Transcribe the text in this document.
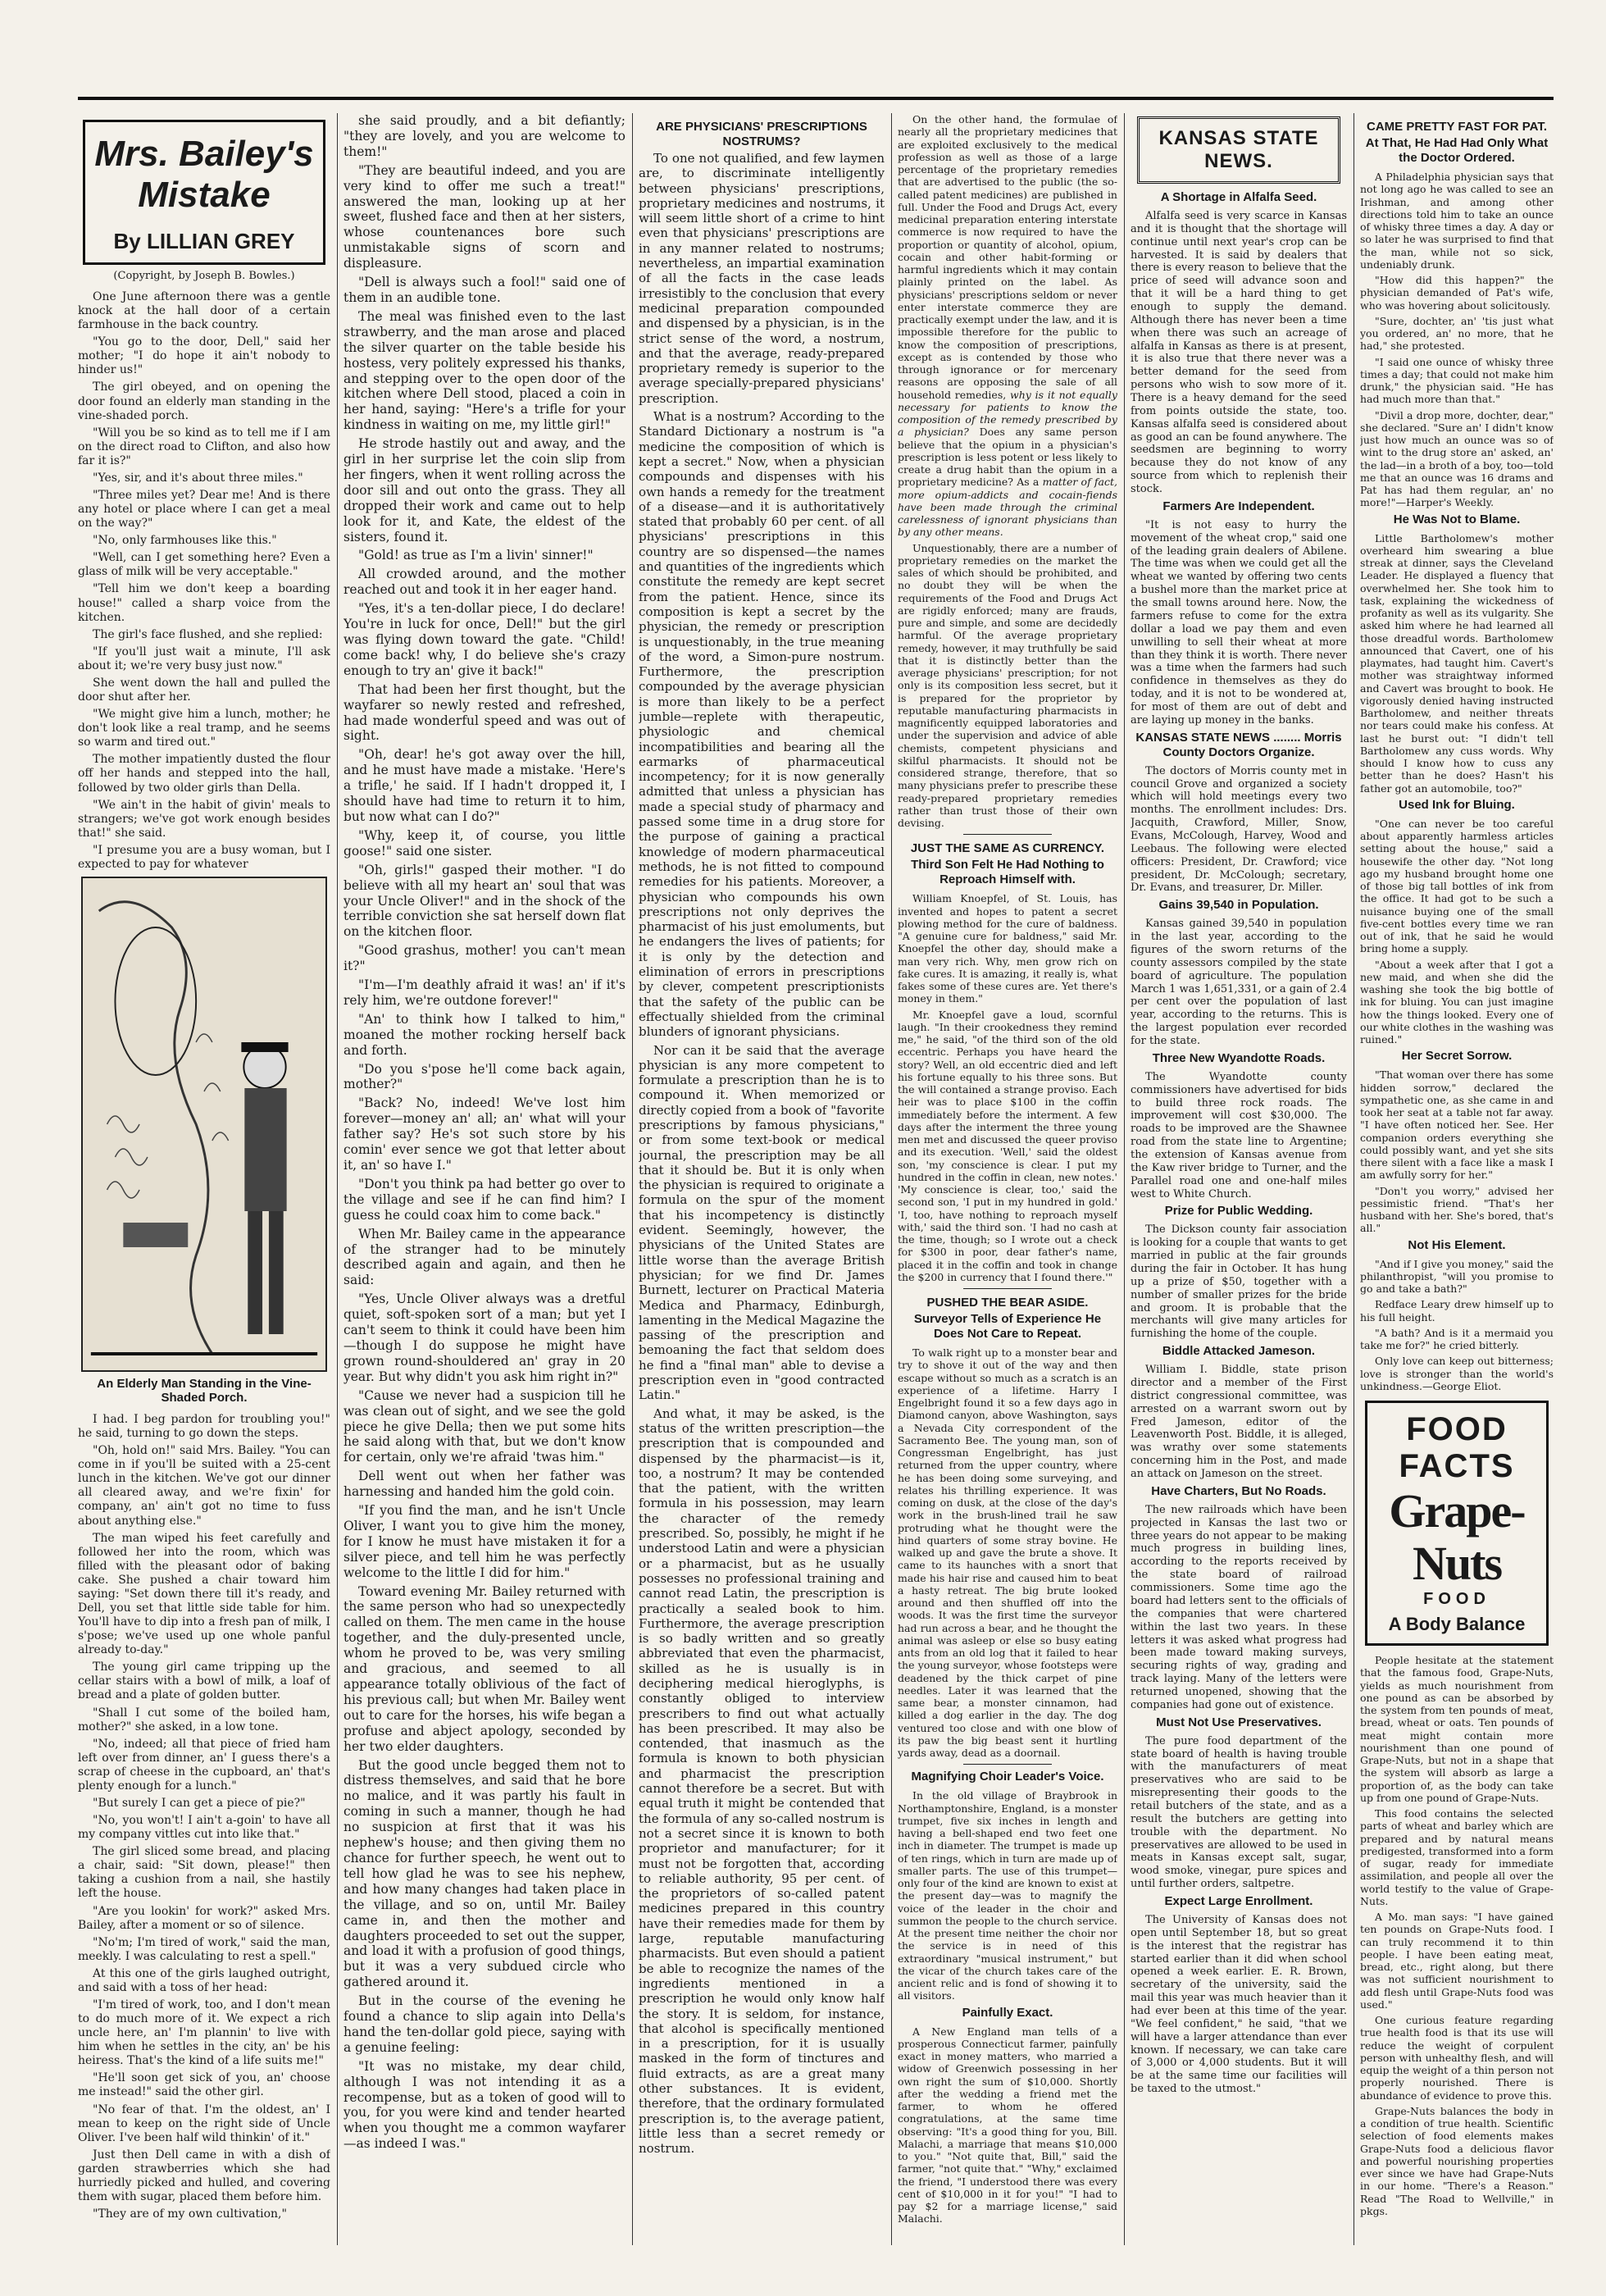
Mrs. Bailey's Mistake
By LILLIAN GREY
(Copyright, by Joseph B. Bowles.)

One June afternoon there was a gentle knock at the hall door of a certain farmhouse in the back country.

"You go to the door, Dell," said her mother; "I do hope it ain't nobody to hinder us!"

The girl obeyed, and on opening the door found an elderly man standing in the vine-shaded porch.

"Will you be so kind as to tell me if I am on the direct road to Clifton, and also how far it is?"

"Yes, sir, and it's about three miles."

"Three miles yet? Dear me! And is there any hotel or place where I can get a meal on the way?"

"No, only farmhouses like this."

"Well, can I get something here? Even a glass of milk will be very acceptable."

"Tell him we don't keep a boarding house!" called a sharp voice from the kitchen.

The girl's face flushed, and she replied:

"If you'll just wait a minute, I'll ask about it; we're very busy just now."

She went down the hall and pulled the door shut after her.

"We might give him a lunch, mother; he don't look like a real tramp, and he seems so warm and tired out."

The mother impatiently dusted the flour off her hands and stepped into the hall, followed by two older girls than Della.

"We ain't in the habit of givin' meals to strangers; we've got work enough besides that!" she said.

"I presume you are a busy woman, but I expected to pay for whatever

An Elderly Man Standing in the Vine-Shaded Porch.

I had. I beg pardon for troubling you!" he said, turning to go down the steps.

"Oh, hold on!" said Mrs. Bailey. "You can come in if you'll be suited with a 25-cent lunch in the kitchen. We've got our dinner all cleared away, and we're fixin' for company, an' ain't got no time to fuss about anything else."

The man wiped his feet carefully and followed her into the room, which was filled with the pleasant odor of baking cake. She pushed a chair toward him saying: "Set down there till it's ready, and Dell, you set that little side table for him. You'll have to dip into a fresh pan of milk, I s'pose; we've used up one whole panful already to-day."

The young girl came tripping up the cellar stairs with a bowl of milk, a loaf of bread and a plate of golden butter.

"Shall I cut some of the boiled ham, mother?" she asked, in a low tone.

"No, indeed; all that piece of fried ham left over from dinner, an' I guess there's a scrap of cheese in the cupboard, an' that's plenty enough for a lunch."

"But surely I can get a piece of pie?"

"No, you won't! I ain't a-goin' to have all my company vittles cut into like that."

The girl sliced some bread, and placing a chair, said: "Sit down, please!" then taking a cushion from a nail, she hastily left the house.

"Are you lookin' for work?" asked Mrs. Bailey, after a moment or so of silence.

"No'm; I'm tired of work," said the man, meekly. I was calculating to rest a spell."

At this one of the girls laughed outright, and said with a toss of her head:

"I'm tired of work, too, and I don't mean to do much more of it. We expect a rich uncle here, an' I'm plannin' to live with him when he settles in the city, an' be his heiress. That's the kind of a life suits me!"

"He'll soon get sick of you, an' choose me instead!" said the other girl.

"No fear of that. I'm the oldest, an' I mean to keep on the right side of Uncle Oliver. I've been half wild thinkin' of it."

Just then Dell came in with a dish of garden strawberries which she had hurriedly picked and hulled, and covering them with sugar, placed them before him.

"They are of my own cultivation,"

she said proudly, and a bit defiantly; "they are lovely, and you are welcome to them!"

"They are beautiful indeed, and you are very kind to offer me such a treat!" answered the man, looking up at her sweet, flushed face and then at her sisters, whose countenances bore such unmistakable signs of scorn and displeasure.

"Dell is always such a fool!" said one of them in an audible tone.

The meal was finished even to the last strawberry, and the man arose and placed the silver quarter on the table beside his hostess, very politely expressed his thanks, and stepping over to the open door of the kitchen where Dell stood, placed a coin in her hand, saying: "Here's a trifle for your kindness in waiting on me, my little girl!"

He strode hastily out and away, and the girl in her surprise let the coin slip from her fingers, when it went rolling across the door sill and out onto the grass. They all dropped their work and came out to help look for it, and Kate, the eldest of the sisters, found it.

"Gold! as true as I'm a livin' sinner!"

All crowded around, and the mother reached out and took it in her eager hand.

"Yes, it's a ten-dollar piece, I do declare! You're in luck for once, Dell!" but the girl was flying down toward the gate. "Child! come back! why, I do believe she's crazy enough to try an' give it back!"

That had been her first thought, but the wayfarer so newly rested and refreshed, had made wonderful speed and was out of sight.

"Oh, dear! he's got away over the hill, and he must have made a mistake. 'Here's a trifle,' he said. If I hadn't dropped it, I should have had time to return it to him, but now what can I do?"

"Why, keep it, of course, you little goose!" said one sister.

"Oh, girls!" gasped their mother. "I do believe with all my heart an' soul that was your Uncle Oliver!" and in the shock of the terrible conviction she sat herself down flat on the kitchen floor.

"Good grashus, mother! you can't mean it?"

"I'm—I'm deathly afraid it was! an' if it's rely him, we're outdone forever!"

"An' to think how I talked to him," moaned the mother rocking herself back and forth.

"Do you s'pose he'll come back again, mother?"

"Back? No, indeed! We've lost him forever—money an' all; an' what will your father say? He's sot such store by his comin' ever sence we got that letter about it, an' so have I."

"Don't you think pa had better go over to the village and see if he can find him? I guess he could coax him to come back."

When Mr. Bailey came in the appearance of the stranger had to be minutely described again and again, and then he said:

"Yes, Uncle Oliver always was a dretful quiet, soft-spoken sort of a man; but yet I can't seem to think it could have been him—though I do suppose he might have grown round-shouldered an' gray in 20 year. But why didn't you ask him right in?"

"Cause we never had a suspicion till he was clean out of sight, and we see the gold piece he give Della; then we put some hits he said along with that, but we don't know for certain, only we're afraid 'twas him."

Dell went out when her father was harnessing and handed him the gold coin.

"If you find the man, and he isn't Uncle Oliver, I want you to give him the money, for I know he must have mistaken it for a silver piece, and tell him he was perfectly welcome to the little I did for him."

Toward evening Mr. Bailey returned with the same person who had so unexpectedly called on them. The men came in the house together, and the duly-presented uncle, whom he proved to be, was very smiling and gracious, and seemed to all appearance totally oblivious of the fact of his previous call; but when Mr. Bailey went out to care for the horses, his wife began a profuse and abject apology, seconded by her two elder daughters.

But the good uncle begged them not to distress themselves, and said that he bore no malice, and it was partly his fault in coming in such a manner, though he had no suspicion at first that it was his nephew's house; and then giving them no chance for further speech, he went out to tell how glad he was to see his nephew, and how many changes had taken place in the village, and so on, until Mr. Bailey came in, and then the mother and daughters proceeded to set out the supper, and load it with a profusion of good things, but it was a very subdued circle who gathered around it.

But in the course of the evening he found a chance to slip again into Della's hand the ten-dollar gold piece, saying with a genuine feeling:

"It was no mistake, my dear child, although I was not intending it as a recompense, but as a token of good will to you, for you were kind and tender hearted when you thought me a common wayfarer—as indeed I was."

ARE PHYSICIANS' PRESCRIPTIONS NOSTRUMS?

To one not qualified, and few laymen are, to discriminate intelligently between physicians' prescriptions, proprietary medicines and nostrums, it will seem little short of a crime to hint even that physicians' prescriptions are in any manner related to nostrums; nevertheless, an impartial examination of all the facts in the case leads irresistibly to the conclusion that every medicinal preparation compounded and dispensed by a physician, is in the strict sense of the word, a nostrum, and that the average, ready-prepared proprietary remedy is superior to the average specially-prepared physicians' prescription.

What is a nostrum? According to the Standard Dictionary a nostrum is "a medicine the composition of which is kept a secret." Now, when a physician compounds and dispenses with his own hands a remedy for the treatment of a disease—and it is authoritatively stated that probably 60 per cent. of all physicians' prescriptions in this country are so dispensed—the names and quantities of the ingredients which constitute the remedy are kept secret from the patient. Hence, since its composition is kept a secret by the physician, the remedy or prescription is unquestionably, in the true meaning of the word, a Simon-pure nostrum. Furthermore, the prescription compounded by the average physician is more than likely to be a perfect jumble—replete with therapeutic, physiologic and chemical incompatibilities and bearing all the earmarks of pharmaceutical incompetency; for it is now generally admitted that unless a physician has made a special study of pharmacy and passed some time in a drug store for the purpose of gaining a practical knowledge of modern pharmaceutical methods, he is not fitted to compound remedies for his patients. Moreover, a physician who compounds his own prescriptions not only deprives the pharmacist of his just emoluments, but he endangers the lives of patients; for it is only by the detection and elimination of errors in prescriptions by clever, competent prescriptionists that the safety of the public can be effectually shielded from the criminal blunders of ignorant physicians.

Nor can it be said that the average physician is any more competent to formulate a prescription than he is to compound it. When memorized or directly copied from a book of "favorite prescriptions by famous physicians," or from some text-book or medical journal, the prescription may be all that it should be. But it is only when the physician is required to originate a formula on the spur of the moment that his incompetency is distinctly evident. Seemingly, however, the physicians of the United States are little worse than the average British physician; for we find Dr. James Burnett, lecturer on Practical Materia Medica and Pharmacy, Edinburgh, lamenting in the Medical Magazine the passing of the prescription and bemoaning the fact that seldom does he find a "final man" able to devise a prescription even in "good contracted Latin."

And what, it may be asked, is the status of the written prescription—the prescription that is compounded and dispensed by the pharmacist—is it, too, a nostrum? It may be contended that the patient, with the written formula in his possession, may learn the character of the remedy prescribed. So, possibly, he might if he understood Latin and were a physician or a pharmacist, but as he usually possesses no professional training and cannot read Latin, the prescription is practically a sealed book to him. Furthermore, the average prescription is so badly written and so greatly abbreviated that even the pharmacist, skilled as he is usually is in deciphering medical hieroglyphs, is constantly obliged to interview prescribers to find out what actually has been prescribed. It may also be contended, that inasmuch as the formula is known to both physician and pharmacist the prescription cannot therefore be a secret. But with equal truth it might be contended that the formula of any so-called nostrum is not a secret since it is known to both proprietor and manufacturer; for it must not be forgotten that, according to reliable authority, 95 per cent. of the proprietors of so-called patent medicines prepared in this country have their remedies made for them by large, reputable manufacturing pharmacists. But even should a patient be able to recognize the names of the ingredients mentioned in a prescription he would only know half the story. It is seldom, for instance, that alcohol is specifically mentioned in a prescription, for it is usually masked in the form of tinctures and fluid extracts, as are a great many other substances. It is evident, therefore, that the ordinary formulated prescription is, to the average patient, little less than a secret remedy or nostrum.

On the other hand, the formulae of nearly all the proprietary medicines that are exploited exclusively to the medical profession as well as those of a large percentage of the proprietary remedies that are advertised to the public (the so-called patent medicines) are published in full. Under the Food and Drugs Act, every medicinal preparation entering interstate commerce is now required to have the proportion or quantity of alcohol, opium, cocain and other habit-forming or harmful ingredients which it may contain plainly printed on the label. As physicians' prescriptions seldom or never enter interstate commerce they are practically exempt under the law, and it is impossible therefore for the public to know the composition of prescriptions, except as is contended by those who through ignorance or for mercenary reasons are opposing the sale of all household remedies, why is it not equally necessary for patients to know the composition of the remedy prescribed by a physician? Does any same person believe that the opium in a physician's prescription is less potent or less likely to create a drug habit than the opium in a proprietary medicine? As a matter of fact, more opium-addicts and cocain-fiends have been made through the criminal carelessness of ignorant physicians than by any other means.

Unquestionably, there are a number of proprietary remedies on the market the sales of which should be prohibited, and no doubt they will be when the requirements of the Food and Drugs Act are rigidly enforced; many are frauds, pure and simple, and some are decidedly harmful. Of the average proprietary remedy, however, it may truthfully be said that it is distinctly better than the average physicians' prescription; for not only is its composition less secret, but it is prepared for the proprietor by reputable manufacturing pharmacists in magnificently equipped laboratories and under the supervision and advice of able chemists, competent physicians and skilful pharmacists. It should not be considered strange, therefore, that so many physicians prefer to prescribe these ready-prepared proprietary remedies rather than trust those of their own devising.

JUST THE SAME AS CURRENCY.
Third Son Felt He Had Nothing to Reproach Himself with.

William Knoepfel, of St. Louis, has invented and hopes to patent a secret plowing method for the cure of baldness. "A genuine cure for baldness," said Mr. Knoepfel the other day, should make a man very rich. Why, men grow rich on fake cures. It is amazing, it really is, what fakes some of these cures are. Yet there's money in them."

Mr. Knoepfel gave a loud, scornful laugh. "In their crookedness they remind me," he said, "of the third son of the old eccentric. Perhaps you have heard the story? Well, an old eccentric died and left his fortune equally to his three sons. But the will contained a strange proviso. Each heir was to place $100 in the coffin immediately before the interment. A few days after the interment the three young men met and discussed the queer proviso and its execution. 'Well,' said the oldest son, 'my conscience is clear. I put my hundred in the coffin in clean, new notes.' 'My conscience is clear, too,' said the second son, 'I put in my hundred in gold.' 'I, too, have nothing to reproach myself with,' said the third son. 'I had no cash at the time, though; so I wrote out a check for $300 in poor, dear father's name, placed it in the coffin and took in change the $200 in currency that I found there.'"

PUSHED THE BEAR ASIDE.
Surveyor Tells of Experience He Does Not Care to Repeat.

To walk right up to a monster bear and try to shove it out of the way and then escape without so much as a scratch is an experience of a lifetime. Harry I Engelbright found it so a few days ago in Diamond canyon, above Washington, says a Nevada City correspondent of the Sacramento Bee. The young man, son of Congressman Engelbright, has just returned from the upper country, where he has been doing some surveying, and relates his thrilling experience. It was coming on dusk, at the close of the day's work in the brush-lined trail he saw protruding what he thought were the hind quarters of some stray bovine. He walked up and gave the brute a shove. It came to its haunches with a snort that made his hair rise and caused him to beat a hasty retreat. The big brute looked around and then shuffled off into the woods. It was the first time the surveyor had run across a bear, and he thought the animal was asleep or else so busy eating ants from an old log that it failed to hear the young surveyor, whose footsteps were deadened by the thick carpet of pine needles. Later it was learned that the same bear, a monster cinnamon, had killed a dog earlier in the day. The dog ventured too close and with one blow of its paw the big beast sent it hurtling yards away, dead as a doornail.

Magnifying Choir Leader's Voice.

In the old village of Braybrook in Northamptonshire, England, is a monster trumpet, five six inches in length and having a bell-shaped end two feet one inch in diameter. The trumpet is made up of ten rings, which in turn are made up of smaller parts. The use of this trumpet—only four of the kind are known to exist at the present day—was to magnify the voice of the leader in the choir and summon the people to the church service. At the present time neither the choir nor the service is in need of this extraordinary "musical instrument," but the vicar of the church takes care of the ancient relic and is fond of showing it to all visitors.

Painfully Exact.

A New England man tells of a prosperous Connecticut farmer, painfully exact in money matters, who married a widow of Greenwich possessing in her own right the sum of $10,000. Shortly after the wedding a friend met the farmer, to whom he offered congratulations, at the same time observing: "It's a good thing for you, Bill. Malachi, a marriage that means $10,000 to you." "Not quite that, Bill," said the farmer, "not quite that." "Why," exclaimed the friend, "I understood there was every cent of $10,000 in it for you!" "I had to pay $2 for a marriage license," said Malachi.

KANSAS STATE NEWS.
A Shortage in Alfalfa Seed.

Alfalfa seed is very scarce in Kansas and it is thought that the shortage will continue until next year's crop can be harvested. It is said by dealers that there is every reason to believe that the price of seed will advance soon and that it will be a hard thing to get enough to supply the demand. Although there has never been a time when there was such an acreage of alfalfa in Kansas as there is at present, it is also true that there never was a better demand for the seed from persons who wish to sow more of it. There is a heavy demand for the seed from points outside the state, too. Kansas alfalfa seed is considered about as good an can be found anywhere. The seedsmen are beginning to worry because they do not know of any source from which to replenish their stock.

Farmers Are Independent.

"It is not easy to hurry the movement of the wheat crop," said one of the leading grain dealers of Abilene. The time was when we could get all the wheat we wanted by offering two cents a bushel more than the market price at the small towns around here. Now, the farmers refuse to come for the extra dollar a load we pay them and even unwilling to sell their wheat at more than they think it is worth. There never was a time when the farmers had such confidence in themselves as they do today, and it is not to be wondered at, for most of them are out of debt and are laying up money in the banks.

KANSAS STATE NEWS ........ Morris County Doctors Organize.

The doctors of Morris county met in council Grove and organized a society which will hold meetings every two months. The enrollment includes: Drs. Jacquith, Crawford, Miller, Snow, Evans, McColough, Harvey, Wood and Leebaus. The following were elected officers: President, Dr. Crawford; vice president, Dr. McColough; secretary, Dr. Evans, and treasurer, Dr. Miller.

Gains 39,540 in Population.

Kansas gained 39,540 in population in the last year, according to the figures of the sworn returns of the county assessors compiled by the state board of agriculture. The population March 1 was 1,651,331, or a gain of 2.4 per cent over the population of last year, according to the returns. This is the largest population ever recorded for the state.

Three New Wyandotte Roads.

The Wyandotte county commissioners have advertised for bids to build three rock roads. The improvement will cost $30,000. The roads to be improved are the Shawnee road from the state line to Argentine; the extension of Kansas avenue from the Kaw river bridge to Turner, and the Parallel road one and one-half miles west to White Church.

Prize for Public Wedding.

The Dickson county fair association is looking for a couple that wants to get married in public at the fair grounds during the fair in October. It has hung up a prize of $50, together with a number of smaller prizes for the bride and groom. It is probable that the merchants will give many articles for furnishing the home of the couple.

Biddle Attacked Jameson.

William I. Biddle, state prison director and a member of the First district congressional committee, was arrested on a warrant sworn out by Fred Jameson, editor of the Leavenworth Post. Biddle, it is alleged, was wrathy over some statements concerning him in the Post, and made an attack on Jameson on the street.

Have Charters, But No Roads.

The new railroads which have been projected in Kansas the last two or three years do not appear to be making much progress in building lines, according to the reports received by the state board of railroad commissioners. Some time ago the board had letters sent to the officials of the companies that were chartered within the last two years. In these letters it was asked what progress had been made toward making surveys, securing rights of way, grading and track laying. Many of the letters were returned unopened, showing that the companies had gone out of existence.

Must Not Use Preservatives.

The pure food department of the state board of health is having trouble with the manufacturers of meat preservatives who are said to be misrepresenting their goods to the retail butchers of the state, and as a result the butchers are getting into trouble with the department. No preservatives are allowed to be used in meats in Kansas except salt, sugar, wood smoke, vinegar, pure spices and until further orders, saltpetre.

Expect Large Enrollment.

The University of Kansas does not open until September 18, but so great is the interest that the registrar has started earlier than it did when school opened a week earlier. E. R. Brown, secretary of the university, said the mail this year was much heavier than it had ever been at this time of the year. "We feel confident," he said, "that we will have a larger attendance than ever known. If necessary, we can take care of 3,000 or 4,000 students. But it will be at the same time our facilities will be taxed to the utmost."

CAME PRETTY FAST FOR PAT.
At That, He Had Had Only What the Doctor Ordered.

A Philadelphia physician says that not long ago he was called to see an Irishman, and among other directions told him to take an ounce of whisky three times a day. A day or so later he was surprised to find that the man, while not so sick, undeniably drunk.

"How did this happen?" the physician demanded of Pat's wife, who was hovering about solicitously.

"Sure, dochter, an' 'tis just what you ordered, an' no more, that he had," she protested.

"I said one ounce of whisky three times a day; that could not make him drunk," the physician said. "He has had much more than that."

"Divil a drop more, dochter, dear," she declared. "Sure an' I didn't know just how much an ounce was so of wint to the drug store an' asked, an' the lad—in a broth of a boy, too—told me that an ounce was 16 drams and Pat has had them regular, an' no more!"—Harper's Weekly.

He Was Not to Blame.

Little Bartholomew's mother overheard him swearing a blue streak at dinner, says the Cleveland Leader. He displayed a fluency that overwhelmed her. She took him to task, explaining the wickedness of profanity as well as its vulgarity. She asked him where he had learned all those dreadful words. Bartholomew announced that Cavert, one of his playmates, had taught him. Cavert's mother was straightway informed and Cavert was brought to book. He vigorously denied having instructed Bartholomew, and neither threats nor tears could make his confess. At last he burst out: "I didn't tell Bartholomew any cuss words. Why should I know how to cuss any better than he does? Hasn't his father got an automobile, too?"

Used Ink for Bluing.

"One can never be too careful about apparently harmless articles setting about the house," said a housewife the other day. "Not long ago my husband brought home one of those big tall bottles of ink from the office. It had got to be such a nuisance buying one of the small five-cent bottles every time we ran out of ink, that he said he would bring home a supply.

"About a week after that I got a new maid, and when she did the washing she took the big bottle of ink for bluing. You can just imagine how the things looked. Every one of our white clothes in the washing was ruined."

Her Secret Sorrow.

"That woman over there has some hidden sorrow," declared the sympathetic one, as she came in and took her seat at a table not far away. "I have often noticed her. See. Her companion orders everything she could possibly want, and yet she sits there silent with a face like a mask I am awfully sorry for her."

"Don't you worry," advised her pessimistic friend. "That's her husband with her. She's bored, that's all."

Not His Element.

"And if I give you money," said the philanthropist, "will you promise to go and take a bath?"

Redface Leary drew himself up to his full height.

"A bath? And is it a mermaid you take me for?" he cried bitterly.

Only love can keep out bitterness; love is stronger than the world's unkindness.—George Eliot.

FOOD FACTS
Grape-Nuts
FOOD
A Body Balance

People hesitate at the statement that the famous food, Grape-Nuts, yields as much nourishment from one pound as can be absorbed by the system from ten pounds of meat, bread, wheat or oats. Ten pounds of meat might contain more nourishment than one pound of Grape-Nuts, but not in a shape that the system will absorb as large a proportion of, as the body can take up from one pound of Grape-Nuts.

This food contains the selected parts of wheat and barley which are prepared and by natural means predigested, transformed into a form of sugar, ready for immediate assimilation, and people all over the world testify to the value of Grape-Nuts.

A Mo. man says: "I have gained ten pounds on Grape-Nuts food. I can truly recommend it to thin people. I have been eating meat, bread, etc., right along, but there was not sufficient nourishment to add flesh until Grape-Nuts food was used."

One curious feature regarding true health food is that its use will reduce the weight of corpulent person with unhealthy flesh, and will equip the weight of a thin person not properly nourished. There is abundance of evidence to prove this.

Grape-Nuts balances the body in a condition of true health. Scientific selection of food elements makes Grape-Nuts food a delicious flavor and powerful nourishing properties ever since we have had Grape-Nuts in our home. "There's a Reason." Read "The Road to Wellville," in pkgs.
